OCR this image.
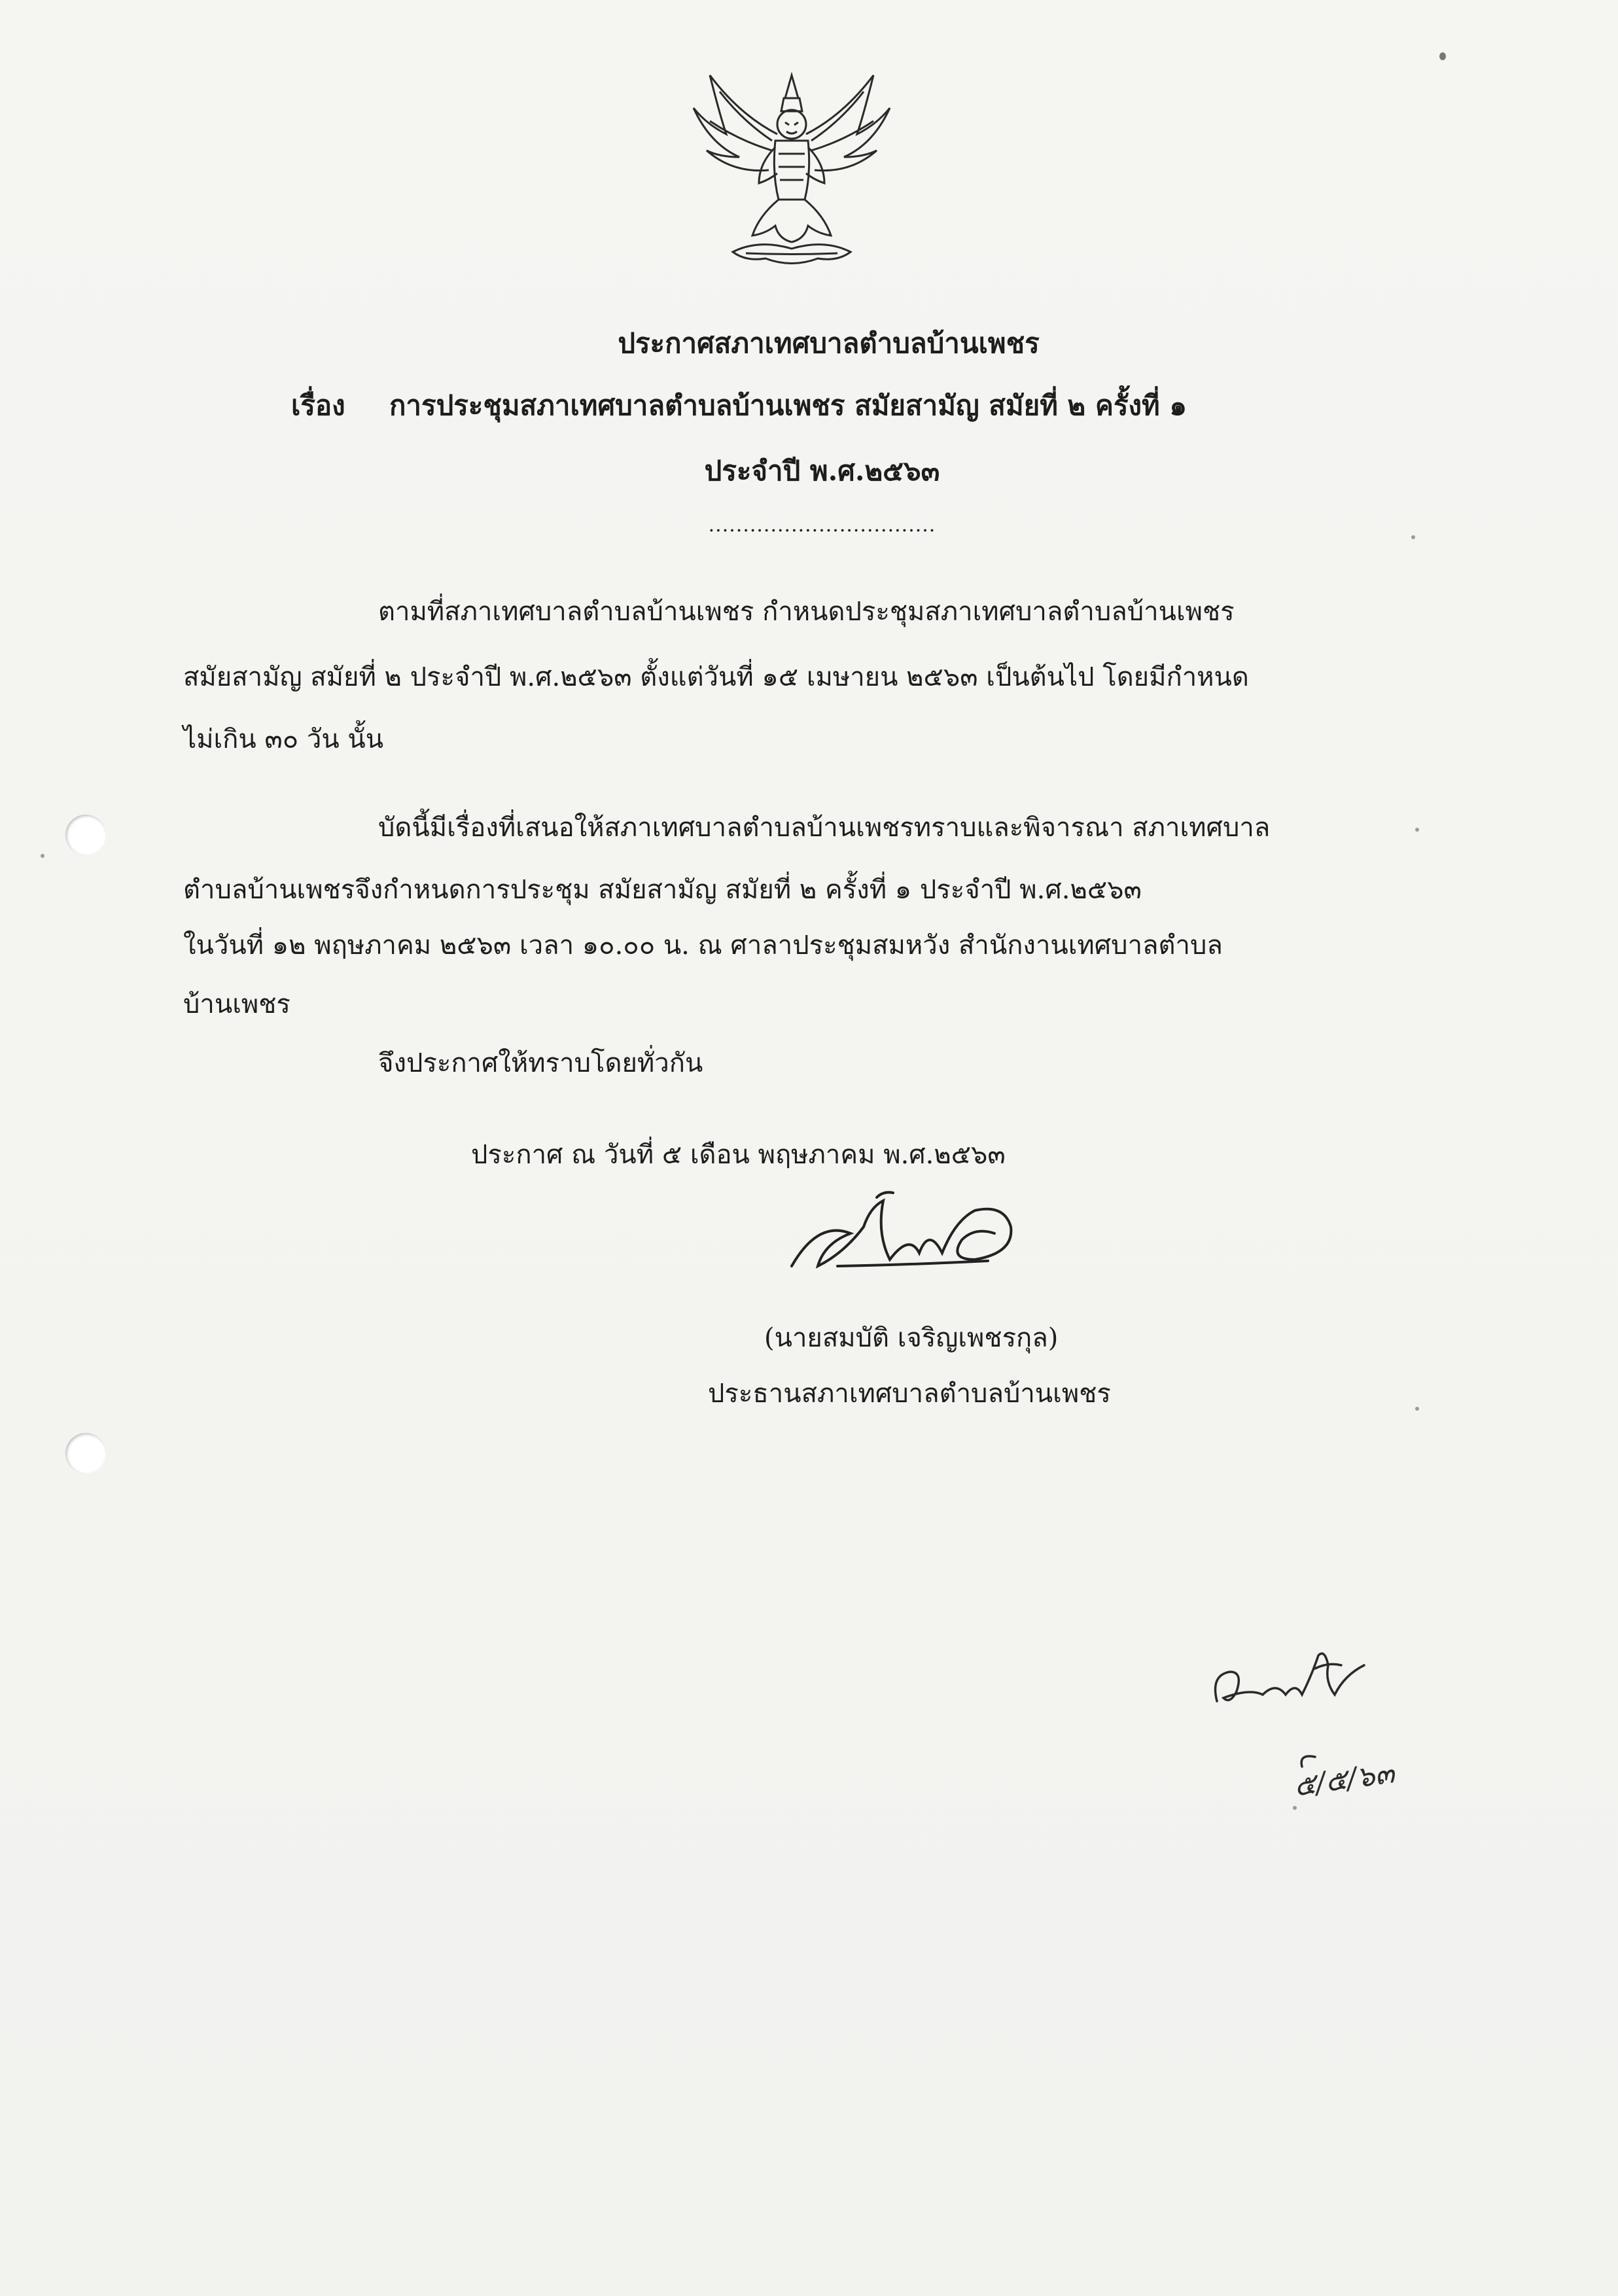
ประกาศสภาเทศบาลตำบลบ้านเพชร
เรื่อง การประชุมสภาเทศบาลตำบลบ้านเพชร สมัยสามัญ สมัยที่ ๒ ครั้งที่ ๑
ประจำปี พ.ศ.๒๕๖๓
.................................
ตามที่สภาเทศบาลตำบลบ้านเพชร กำหนดประชุมสภาเทศบาลตำบลบ้านเพชร
สมัยสามัญ สมัยที่ ๒ ประจำปี พ.ศ.๒๕๖๓ ตั้งแต่วันที่ ๑๕ เมษายน ๒๕๖๓ เป็นต้นไป โดยมีกำหนด
ไม่เกิน ๓๐ วัน นั้น
บัดนี้มีเรื่องที่เสนอให้สภาเทศบาลตำบลบ้านเพชรทราบและพิจารณา สภาเทศบาล
ตำบลบ้านเพชรจึงกำหนดการประชุม สมัยสามัญ สมัยที่ ๒ ครั้งที่ ๑ ประจำปี พ.ศ.๒๕๖๓
ในวันที่ ๑๒ พฤษภาคม ๒๕๖๓ เวลา ๑๐.๐๐ น. ณ ศาลาประชุมสมหวัง สำนักงานเทศบาลตำบล
บ้านเพชร
จึงประกาศให้ทราบโดยทั่วกัน
ประกาศ ณ วันที่ ๕ เดือน พฤษภาคม พ.ศ.๒๕๖๓
(นายสมบัติ เจริญเพชรกุล)
ประธานสภาเทศบาลตำบลบ้านเพชร
๕/๕/๖๓
